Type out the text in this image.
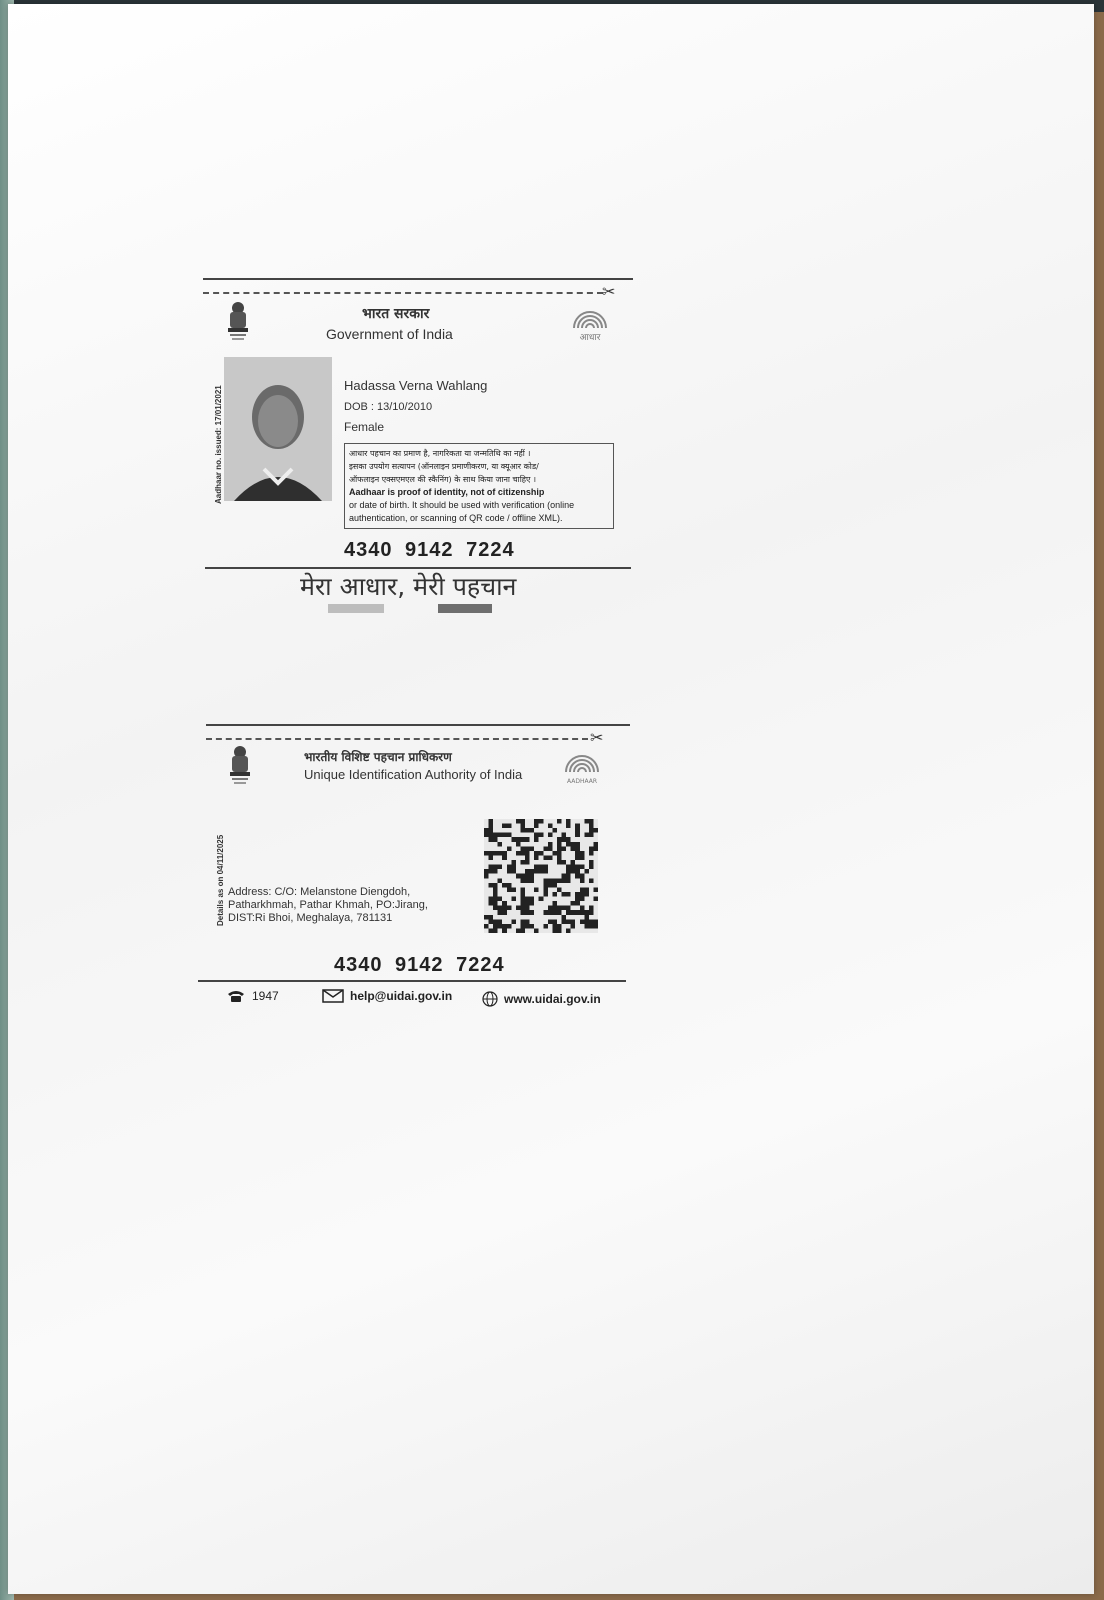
✂
भारत सरकार
Government of India	आधार
Aadhaar no. issued: 17/01/2021	Hadassa Verna Wahlang
DOB : 13/10/2010
Female
आधार पहचान का प्रमाण है, नागरिकता या जन्मतिथि का नहीं ।
इसका उपयोग सत्यापन (ऑनलाइन प्रमाणीकरण, या क्यूआर कोड/
ऑफलाइन एक्सएमएल की स्कैनिंग) के साथ किया जाना चाहिए ।
Aadhaar is proof of identity, not of citizenship
or date of birth. It should be used with verification (online
authentication, or scanning of QR code / offline XML).
4340 9142 7224
मेरा आधार, मेरी पहचान
✂
भारतीय विशिष्ट पहचान प्राधिकरण
Unique Identification Authority of India	AADHAAR
Details as on 04/11/2025 Address: C/O: Melanstone Diengdoh,
Patharkhmah, Pathar Khmah, PO:Jirang,
DIST:Ri Bhoi, Meghalaya, 781131
4340 9142 7224
1947	help@uidai.gov.in	www.uidai.gov.in
